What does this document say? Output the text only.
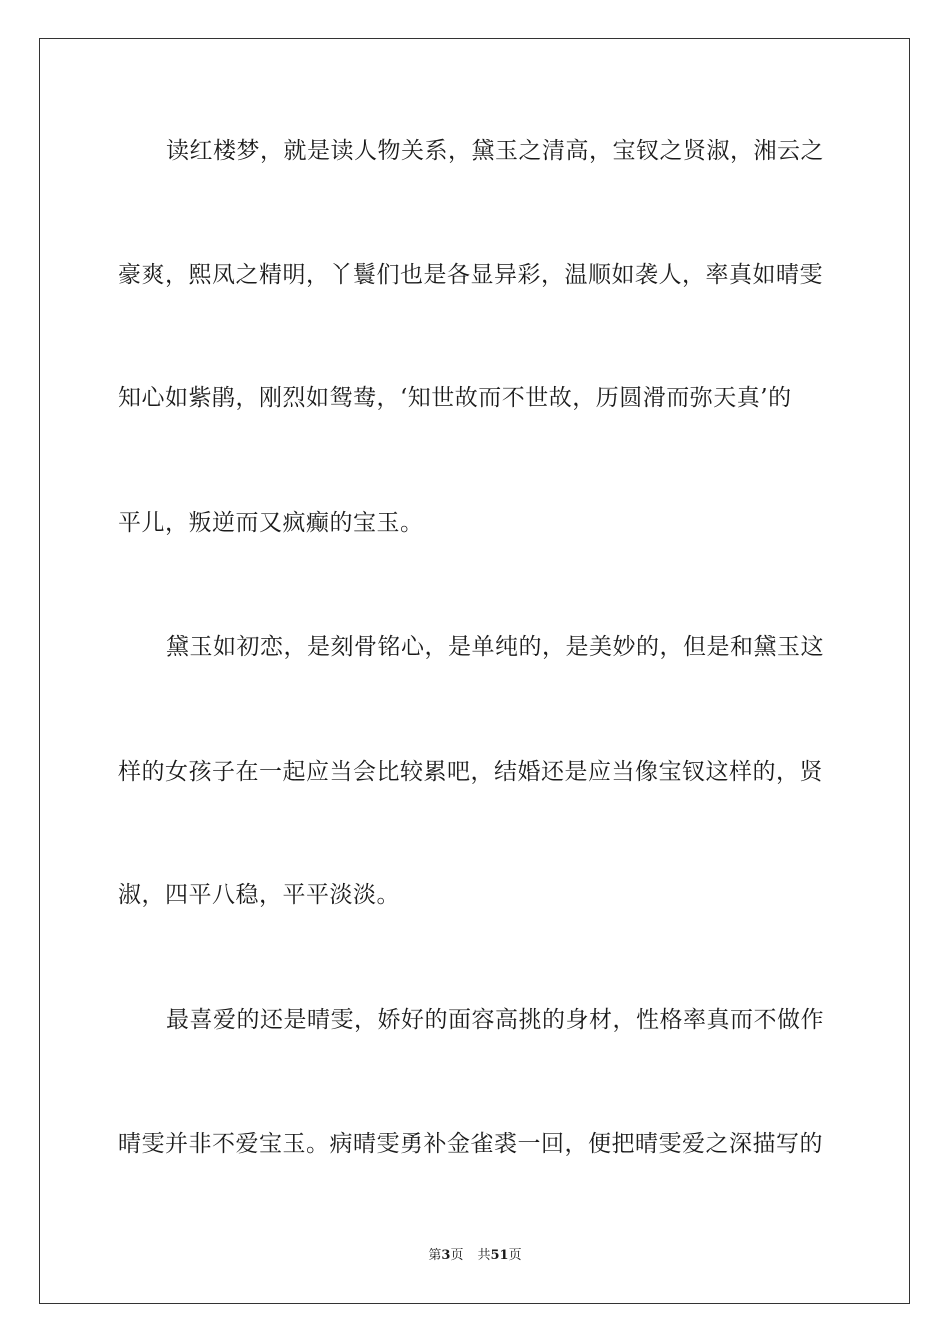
读红楼梦，就是读人物关系，黛玉之清高，宝钗之贤淑，湘云之
豪爽，熙凤之精明，丫鬟们也是各显异彩，温顺如袭人，率真如晴雯
知心如紫鹃，刚烈如鸳鸯，‘知世故而不世故，历圆滑而弥天真’的
平儿，叛逆而又疯癫的宝玉。
黛玉如初恋，是刻骨铭心，是单纯的，是美妙的，但是和黛玉这
样的女孩子在一起应当会比较累吧，结婚还是应当像宝钗这样的，贤
淑，四平八稳，平平淡淡。
最喜爱的还是晴雯，娇好的面容高挑的身材，性格率真而不做作
晴雯并非不爱宝玉。病晴雯勇补金雀裘一回，便把晴雯爱之深描写的
第3页 共51页
